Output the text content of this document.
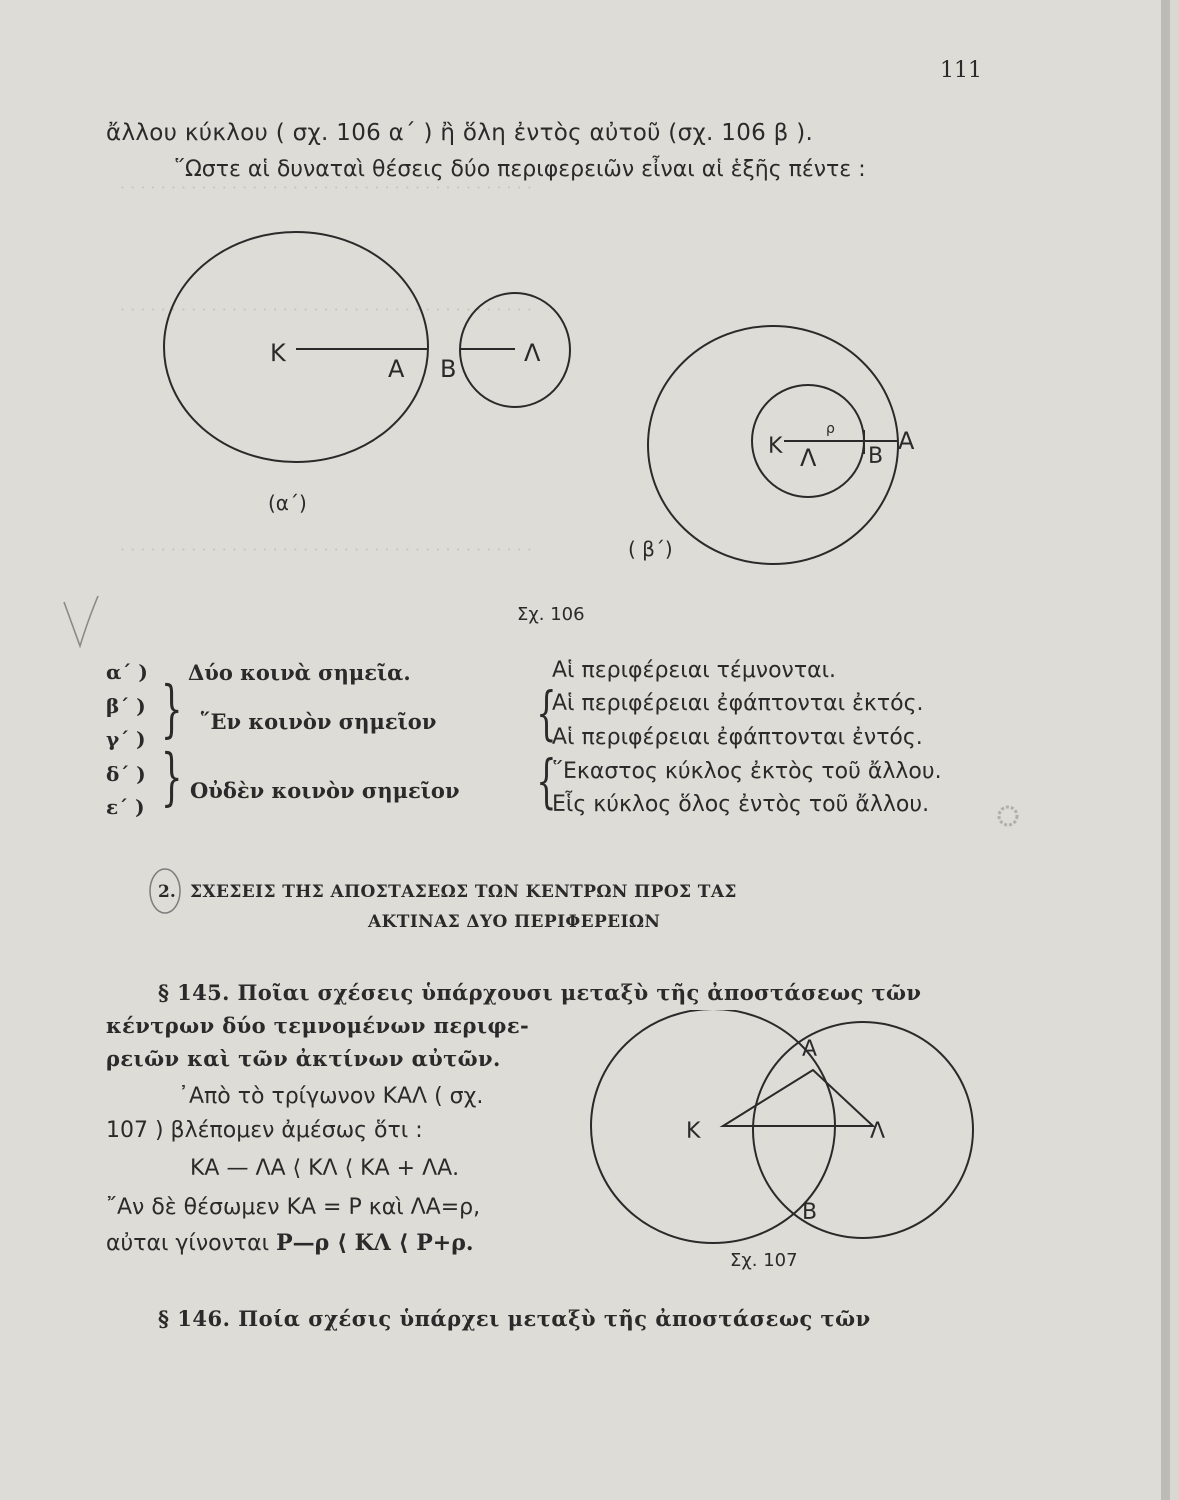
· · · · · · · · · · · · · · · · · · · · · · · · · · · · · · · · · · · · · · · · ·
· · · · · · · · · · · · · · · · · · · · · · · · · · · · · · · · · · · · · · · · ·
· · · · · · · · · · · · · · · · · · · · · · · · · · · · · · · · · · · · · · · · ·
111
ἄλλου κύκλου ( σχ. 106 α΄ ) ἢ ὅλη ἐντὸς αὐτοῦ (σχ. 106 β ).
῞Ωστε αἱ δυναταὶ θέσεις δύο περιφερειῶν εἶναι αἱ ἑξῆς πέντε :
Κ
Α Β
Λ
Κ Λ Β
Α
ρ
(α΄)
( β΄)
Σχ. 106
α΄ ) Δύο κοινὰ σημεῖα.	Αἱ περιφέρειαι τέμνονται.
β΄ )
γ΄ ) } ῞Εν κοινὸν σημεῖον {
Αἱ περιφέρειαι ἐφάπτονται ἐκτός.
Αἱ περιφέρειαι ἐφάπτονται ἐντός.
δ΄ )
ε΄ ) } Οὐδὲν κοινὸν σημεῖον {
῞Εκαστος κύκλος ἐκτὸς τοῦ ἄλλου.
Εἷς κύκλος ὅλος ἐντὸς τοῦ ἄλλου.
2. ΣΧΕΣΕΙΣ ΤΗΣ ΑΠΟΣΤΑΣΕΩΣ ΤΩΝ ΚΕΝΤΡΩΝ ΠΡΟΣ ΤΑΣ
ΑΚΤΙΝΑΣ ΔΥΟ ΠΕΡΙΦΕΡΕΙΩΝ
§ 145. Ποῖαι σχέσεις ὑπάρχουσι μεταξὺ τῆς ἀποστάσεως τῶν
κέντρων δύο τεμνομένων περιφε-
ρειῶν καὶ τῶν ἀκτίνων αὐτῶν.
᾿Απὸ τὸ τρίγωνον ΚΑΛ ( σχ.
107 ) βλέπομεν ἀμέσως ὅτι :
ΚΑ — ΛΑ ⟨ ΚΛ ⟨ ΚΑ + ΛΑ.
῎Αν δὲ θέσωμεν ΚΑ = Ρ καὶ ΛΑ=ρ,
αὐται γίνονται Ρ—ρ ⟨ ΚΛ ⟨ Ρ+ρ.
Α
Κ	Λ
Β
Σχ. 107
§ 146. Ποία σχέσις ὑπάρχει μεταξὺ τῆς ἀποστάσεως τῶν
